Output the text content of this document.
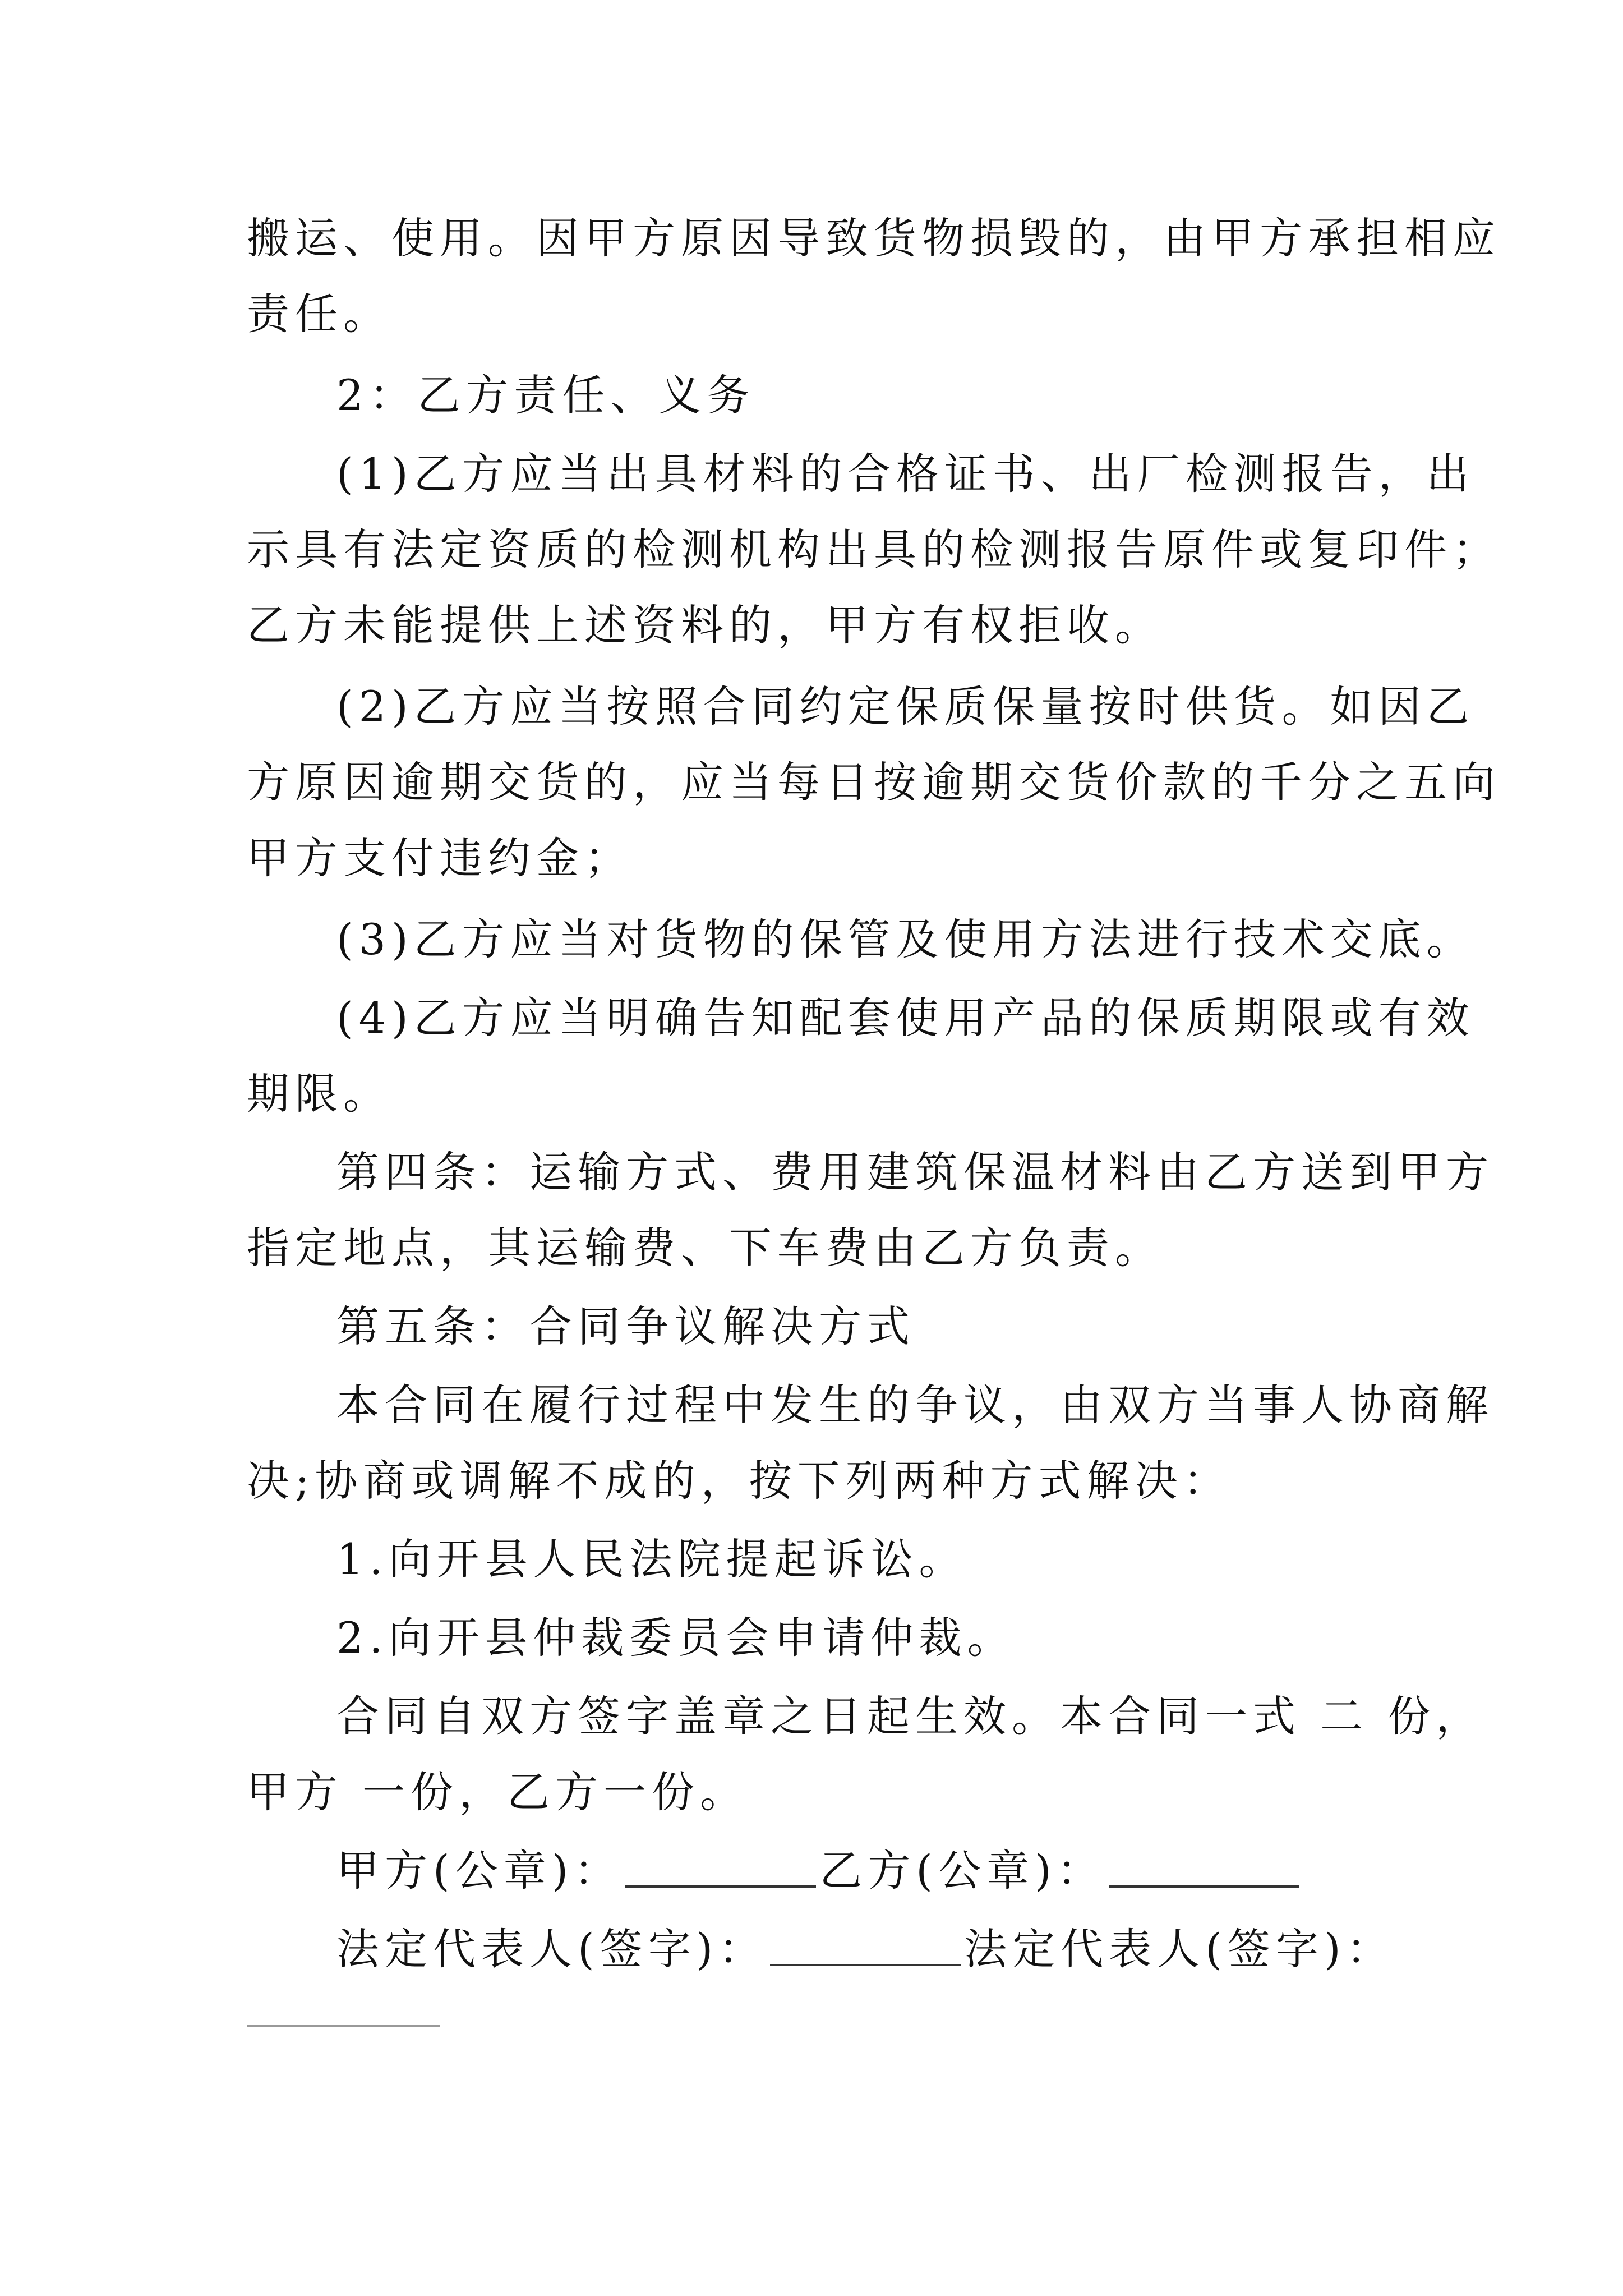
搬运、使用。因甲方原因导致货物损毁的，由甲方承担相应
责任。
2：乙方责任、义务
(1)乙方应当出具材料的合格证书、出厂检测报告，出
示具有法定资质的检测机构出具的检测报告原件或复印件；
乙方未能提供上述资料的，甲方有权拒收。
(2)乙方应当按照合同约定保质保量按时供货。如因乙
方原因逾期交货的，应当每日按逾期交货价款的千分之五向
甲方支付违约金；
(3)乙方应当对货物的保管及使用方法进行技术交底。
(4)乙方应当明确告知配套使用产品的保质期限或有效
期限。
第四条：运输方式、费用建筑保温材料由乙方送到甲方
指定地点，其运输费、下车费由乙方负责。
第五条：合同争议解决方式
本合同在履行过程中发生的争议，由双方当事人协商解
决;协商或调解不成的，按下列两种方式解决：
1.向开县人民法院提起诉讼。
2.向开县仲裁委员会申请仲裁。
合同自双方签字盖章之日起生效。本合同一式 二 份，
甲方 一份，乙方一份。
甲方(公章)：	乙方(公章)：
法定代表人(签字)：	法定代表人(签字)：
